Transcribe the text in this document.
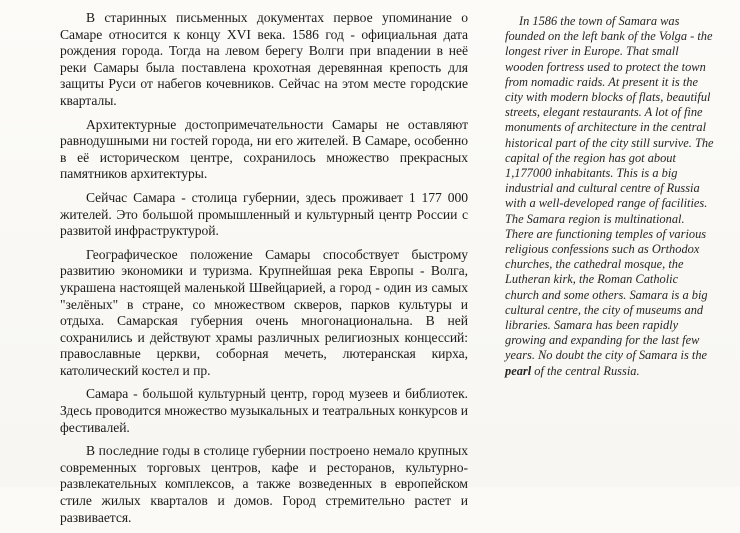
В старинных письменных документах первое упоминание о Самаре относится к концу XVI века. 1586 год - официальная дата рождения города. Тогда на левом берегу Волги при впадении в неё реки Самары была поставлена крохотная деревянная крепость для защиты Руси от набегов кочевников. Сейчас на этом месте городские кварталы.

Архитектурные достопримечательности Самары не оставляют равнодушными ни гостей города, ни его жителей. В Самаре, особенно в её историческом центре, сохранилось множество прекрасных памятников архитектуры.

Сейчас Самара - столица губернии, здесь проживает 1 177 000 жителей. Это большой промышленный и культурный центр России с развитой инфраструктурой.

Географическое положение Самары способствует быстрому развитию экономики и туризма. Крупнейшая река Европы - Волга, украшена настоящей маленькой Швейцарией, а город - один из самых "зелёных" в стране, со множеством скверов, парков культуры и отдыха. Самарская губерния очень многонациональна. В ней сохранились и действуют храмы различных религиозных концессий: православные церкви, соборная мечеть, лютеранская кирха, католический костел и пр.

Самара - большой культурный центр, город музеев и библиотек. Здесь проводится множество музыкальных и театральных конкурсов и фестивалей.

В последние годы в столице губернии построено немало крупных современных торговых центров, кафе и ресторанов, культурно-развлекательных комплексов, а также возведенных в европейском стиле жилых кварталов и домов. Город стремительно растет и развивается.

In 1586 the town of Samara was founded on the left bank of the Volga - the longest river in Europe. That small wooden fortress used to protect the town from nomadic raids. At present it is the city with modern blocks of flats, beautiful streets, elegant restaurants. A lot of fine monuments of architecture in the central historical part of the city still survive. The capital of the region has got about 1,177000 inhabitants. This is a big industrial and cultural centre of Russia with a well-developed range of facilities. The Samara region is multinational. There are functioning temples of various religious confessions such as Orthodox churches, the cathedral mosque, the Lutheran kirk, the Roman Catholic church and some others. Samara is a big cultural centre, the city of museums and libraries. Samara has been rapidly growing and expanding for the last few years. No doubt the city of Samara is the pearl of the central Russia.
